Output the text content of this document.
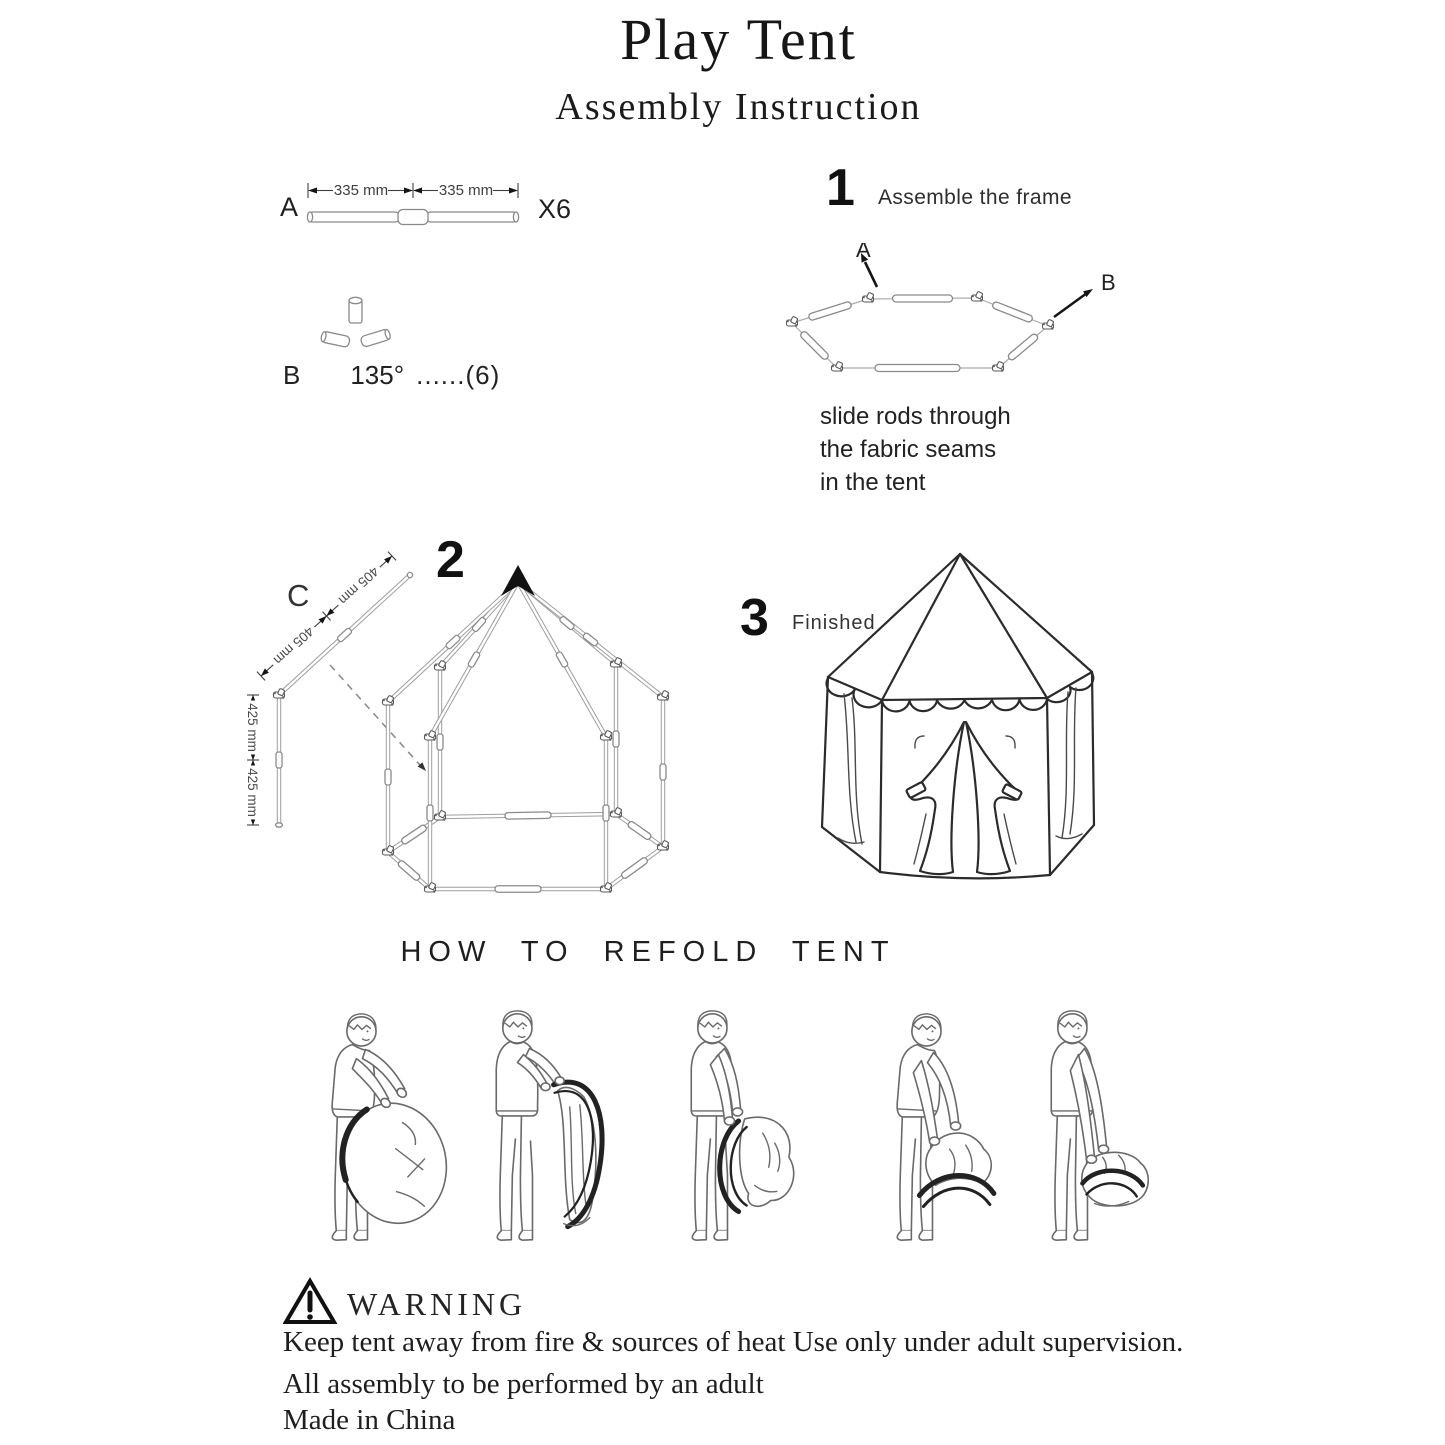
Play Tent
Assembly Instruction
A
335 mm	335 mm
X6
B 135° ......(6)
1 Assemble the frame
A
B
slide rods through
the fabric seams
in the tent
C 405 mm
405 mm
425 mm
425 mm
2
3 Finished
HOW TO REFOLD TENT
WARNING
Keep tent away from fire & sources of heat Use only under adult supervision.
All assembly to be performed by an adult
Made in China
